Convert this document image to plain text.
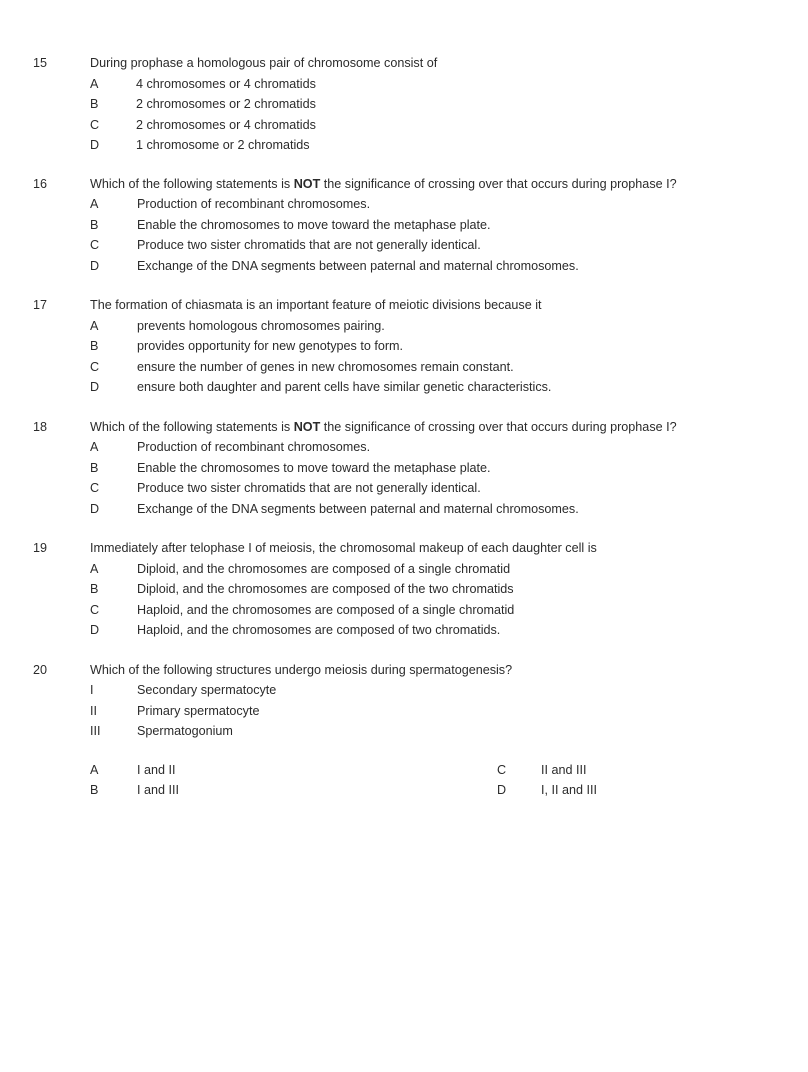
15	During prophase a homologous pair of chromosome consist of
A	4 chromosomes or 4 chromatids
B	2 chromosomes or 2 chromatids
C	2 chromosomes or 4 chromatids
D	1 chromosome or 2 chromatids
16	Which of the following statements is NOT the significance of crossing over that occurs during prophase I?
A	Production of recombinant chromosomes.
B	Enable the chromosomes to move toward the metaphase plate.
C	Produce two sister chromatids that are not generally identical.
D	Exchange of the DNA segments between paternal and maternal chromosomes.
17	The formation of chiasmata is an important feature of meiotic divisions because it
A	prevents homologous chromosomes pairing.
B	provides opportunity for new genotypes to form.
C	ensure the number of genes in new chromosomes remain constant.
D	ensure both daughter and parent cells have similar genetic characteristics.
18	Which of the following statements is NOT the significance of crossing over that occurs during prophase I?
A	Production of recombinant chromosomes.
B	Enable the chromosomes to move toward the metaphase plate.
C	Produce two sister chromatids that are not generally identical.
D	Exchange of the DNA segments between paternal and maternal chromosomes.
19	Immediately after telophase I of meiosis, the chromosomal makeup of each daughter cell is
A	Diploid, and the chromosomes are composed of a single chromatid
B	Diploid, and the chromosomes are composed of the two chromatids
C	Haploid, and the chromosomes are composed of a single chromatid
D	Haploid, and the chromosomes are composed of two chromatids.
20	Which of the following structures undergo meiosis during spermatogenesis?
I	Secondary spermatocyte
II	Primary spermatocyte
III	Spermatogonium
A	I and II	C	II and III
B	I and III	D	I, II and III
